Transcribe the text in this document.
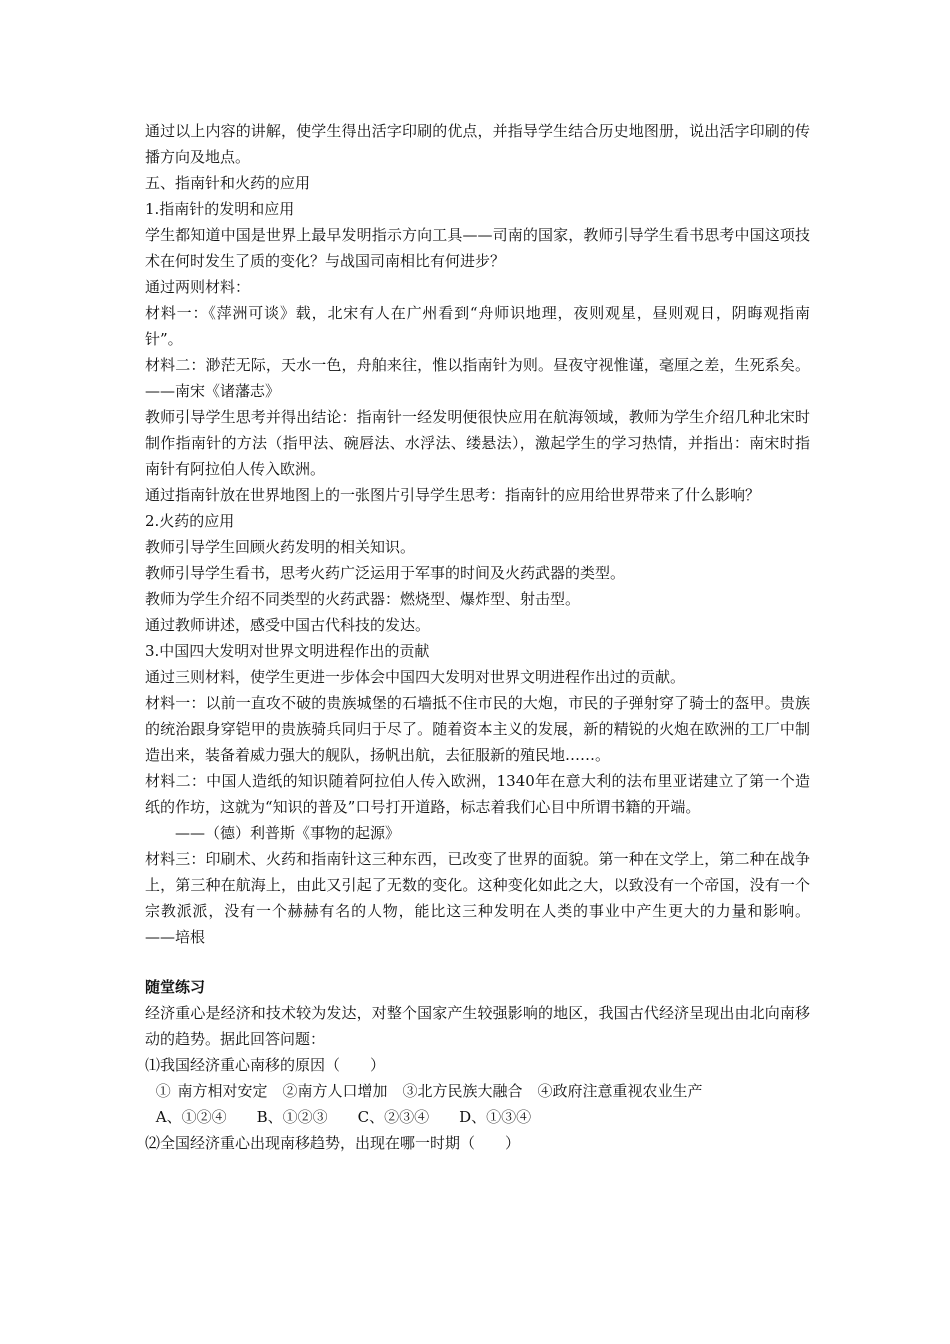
通过以上内容的讲解，使学生得出活字印刷的优点，并指导学生结合历史地图册，说出活字印刷的传播方向及地点。

五、指南针和火药的应用

1.指南针的发明和应用

学生都知道中国是世界上最早发明指示方向工具——司南的国家，教师引导学生看书思考中国这项技术在何时发生了质的变化？与战国司南相比有何进步？

通过两则材料：

材料一：《萍洲可谈》载，北宋有人在广州看到“舟师识地理，夜则观星，昼则观日，阴晦观指南针”。

材料二：渺茫无际，天水一色，舟舶来往，惟以指南针为则。昼夜守视惟谨，毫厘之差，生死系矣。——南宋《诸藩志》

教师引导学生思考并得出结论：指南针一经发明便很快应用在航海领域，教师为学生介绍几种北宋时制作指南针的方法（指甲法、碗唇法、水浮法、缕悬法），激起学生的学习热情，并指出：南宋时指南针有阿拉伯人传入欧洲。

通过指南针放在世界地图上的一张图片引导学生思考：指南针的应用给世界带来了什么影响？

2.火药的应用

教师引导学生回顾火药发明的相关知识。

教师引导学生看书，思考火药广泛运用于军事的时间及火药武器的类型。

教师为学生介绍不同类型的火药武器：燃烧型、爆炸型、射击型。

通过教师讲述，感受中国古代科技的发达。

3.中国四大发明对世界文明进程作出的贡献

通过三则材料，使学生更进一步体会中国四大发明对世界文明进程作出过的贡献。

材料一：以前一直攻不破的贵族城堡的石墙抵不住市民的大炮，市民的子弹射穿了骑士的盔甲。贵族的统治跟身穿铠甲的贵族骑兵同归于尽了。随着资本主义的发展，新的精锐的火炮在欧洲的工厂中制造出来，装备着威力强大的舰队，扬帆出航，去征服新的殖民地……。

材料二：中国人造纸的知识随着阿拉伯人传入欧洲，1340年在意大利的法布里亚诺建立了第一个造纸的作坊，这就为“知识的普及”口号打开道路，标志着我们心目中所谓书籍的开端。

——（德）利普斯《事物的起源》

材料三：印刷术、火药和指南针这三种东西，已改变了世界的面貌。第一种在文学上，第二种在战争上，第三种在航海上，由此又引起了无数的变化。这种变化如此之大，以致没有一个帝国，没有一个宗教派派，没有一个赫赫有名的人物，能比这三种发明在人类的事业中产生更大的力量和影响。            ——培根

随堂练习

经济重心是经济和技术较为发达，对整个国家产生较强影响的地区，我国古代经济呈现出由北向南移动的趋势。据此回答问题：

⑴我国经济重心南移的原因（　　）

① 南方相对安定　②南方人口增加　③北方民族大融合　④政府注意重视农业生产

A、①②④　　B、①②③　　C、②③④　　D、①③④

⑵全国经济重心出现南移趋势，出现在哪一时期（　　）
